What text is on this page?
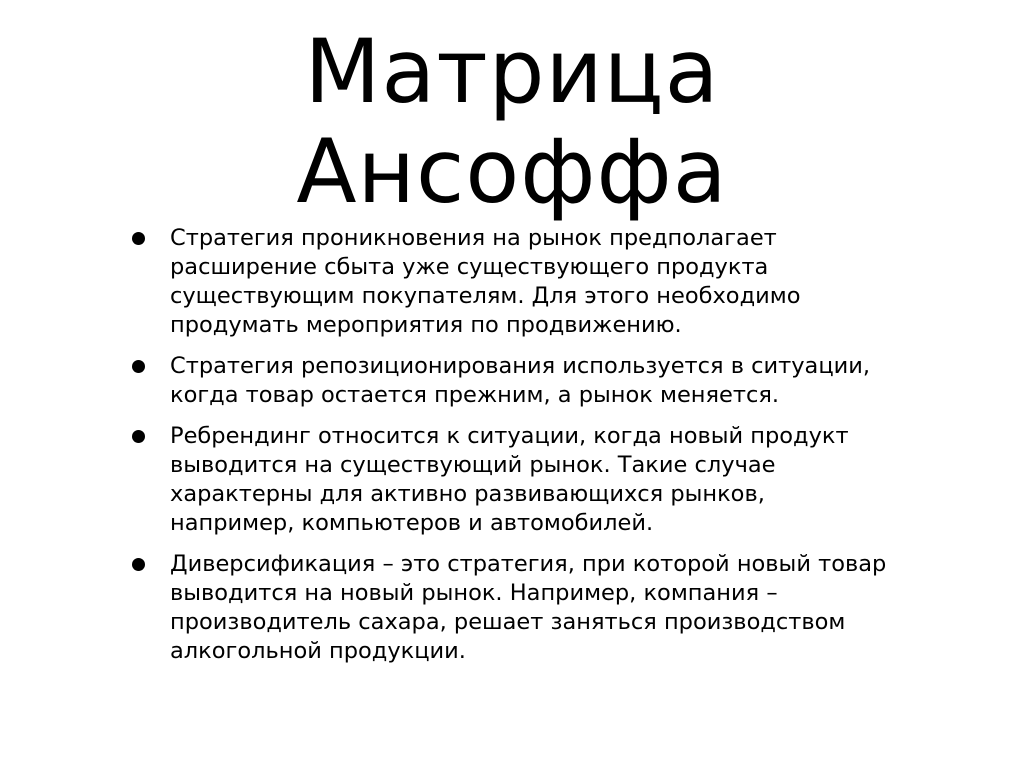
Матрица
Ансоффа
Стратегия проникновения на рынок предполагает расширение сбыта уже существующего продукта существующим покупателям. Для этого необходимо продумать мероприятия по продвижению.
Стратегия репозиционирования используется в ситуации, когда товар остается прежним, а рынок меняется.
Ребрендинг относится к ситуации, когда новый продукт выводится на существующий рынок. Такие случае характерны для активно развивающихся рынков, например, компьютеров и автомобилей.
Диверсификация – это стратегия, при которой новый товар выводится на новый рынок. Например, компания – производитель сахара, решает заняться производством алкогольной продукции.
